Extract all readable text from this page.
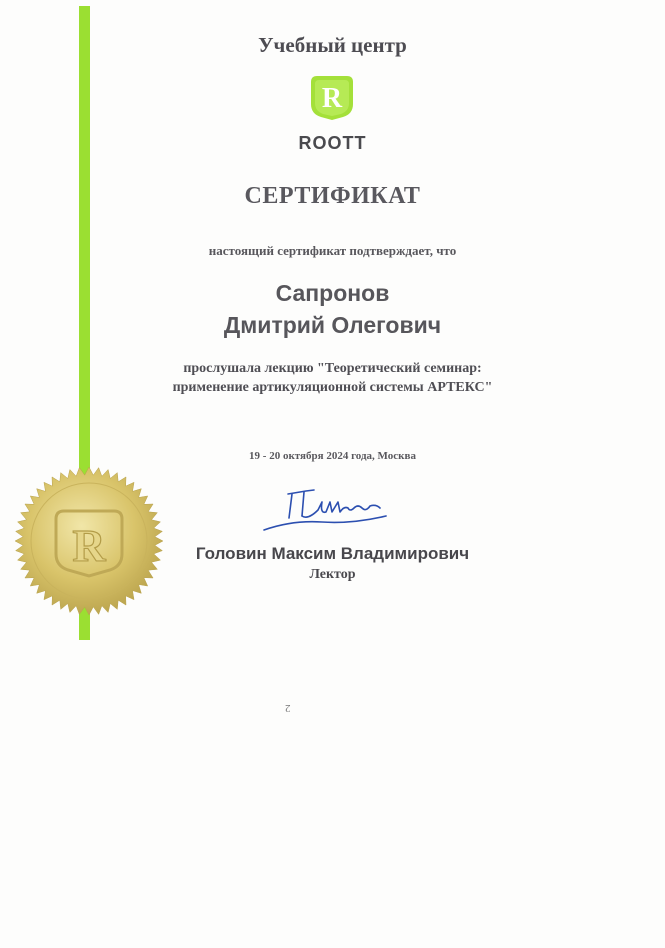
Учебный центр
R
ROOTT
СЕРТИФИКАТ
настоящий сертификат подтверждает, что
Сапронов
Дмитрий Олегович
прослушала лекцию "Теоретический семинар:
применение артикуляционной системы АРТЕКС"
19 - 20 октября 2024 года, Москва
Головин Максим Владимирович
Лектор
2
R
